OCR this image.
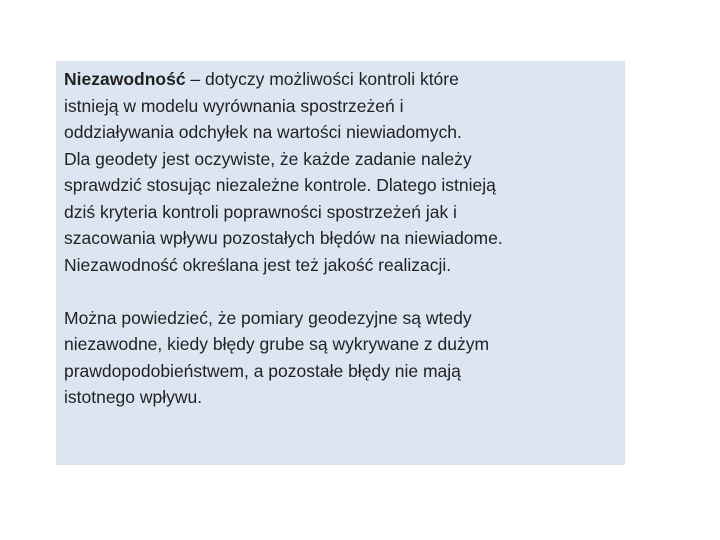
Niezawodność – dotyczy możliwości kontroli które
istnieją w modelu wyrównania spostrzeżeń i
oddziaływania odchyłek na wartości niewiadomych.
Dla geodety jest oczywiste, że każde zadanie należy
sprawdzić stosując niezależne kontrole. Dlatego istnieją
dziś kryteria kontroli poprawności spostrzeżeń jak i
szacowania wpływu pozostałych błędów na niewiadome.
Niezawodność określana jest też jakość realizacji.

Można powiedzieć, że pomiary geodezyjne są wtedy
niezawodne, kiedy błędy grube są wykrywane z dużym
prawdopodobieństwem, a pozostałe błędy nie mają
istotnego wpływu.
